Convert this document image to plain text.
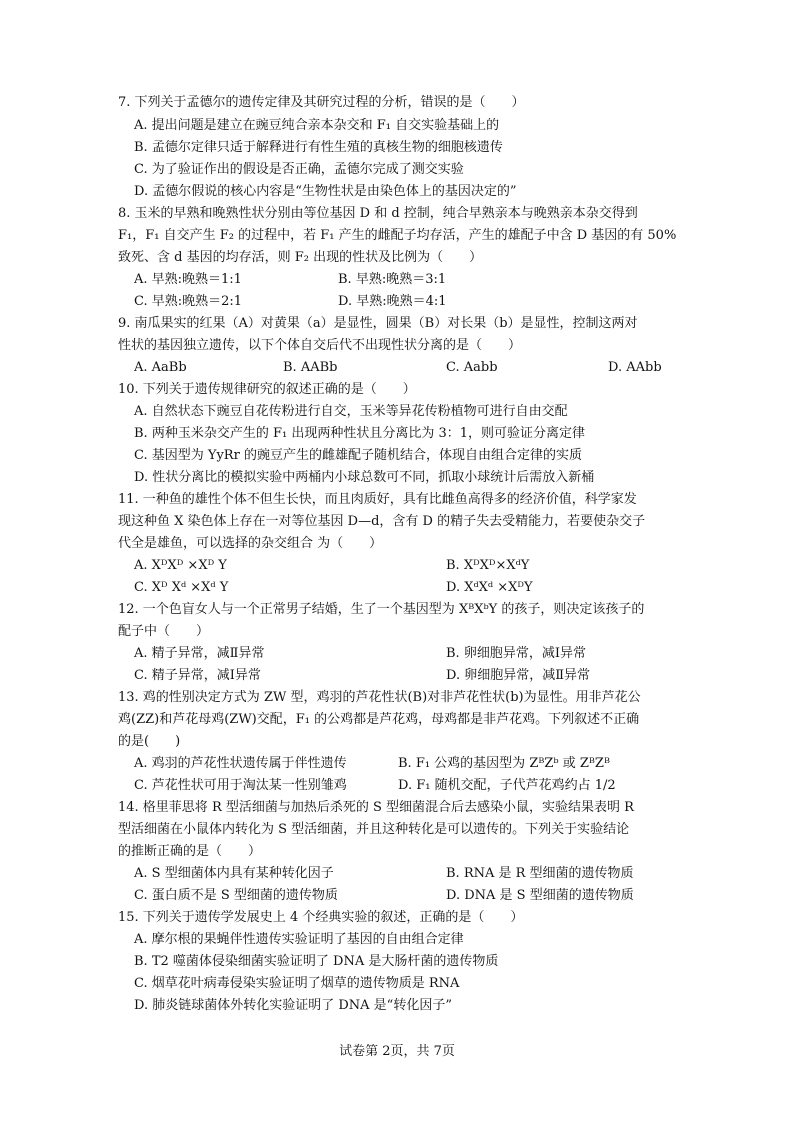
7. 下列关于孟德尔的遗传定律及其研究过程的分析，错误的是（　　）
A. 提出问题是建立在豌豆纯合亲本杂交和 F₁ 自交实验基础上的
B. 孟德尔定律只适于解释进行有性生殖的真核生物的细胞核遗传
C. 为了验证作出的假设是否正确，孟德尔完成了测交实验
D. 孟德尔假说的核心内容是“生物性状是由染色体上的基因决定的”
8. 玉米的早熟和晚熟性状分别由等位基因 D 和 d 控制，纯合早熟亲本与晚熟亲本杂交得到
F₁，F₁ 自交产生 F₂ 的过程中，若 F₁ 产生的雌配子均存活，产生的雄配子中含 D 基因的有 50%
致死、含 d 基因的均存活，则 F₂ 出现的性状及比例为（　　）
A. 早熟:晚熟＝1:1	B. 早熟:晚熟＝3:1
C. 早熟:晚熟＝2:1	D. 早熟:晚熟＝4:1
9. 南瓜果实的红果（A）对黄果（a）是显性，圆果（B）对长果（b）是显性，控制这两对
性状的基因独立遗传，以下个体自交后代不出现性状分离的是（　　）
A. AaBb	B. AABb	C. Aabb	D. AAbb
10. 下列关于遗传规律研究的叙述正确的是（　　）
A. 自然状态下豌豆自花传粉进行自交，玉米等异花传粉植物可进行自由交配
B. 两种玉米杂交产生的 F₁ 出现两种性状且分离比为 3：1，则可验证分离定律
C. 基因型为 YyRr 的豌豆产生的雌雄配子随机结合，体现自由组合定律的实质
D. 性状分离比的模拟实验中两桶内小球总数可不同，抓取小球统计后需放入新桶
11. 一种鱼的雄性个体不但生长快，而且肉质好，具有比雌鱼高得多的经济价值，科学家发
现这种鱼 X 染色体上存在一对等位基因 D—d，含有 D 的精子失去受精能力，若要使杂交子
代全是雄鱼，可以选择的杂交组合 为（　　）
A. XᴰXᴰ ×Xᴰ Y	B. XᴰXᴰ×XᵈY
C. Xᴰ Xᵈ ×Xᵈ Y	D. XᵈXᵈ ×XᴰY
12. 一个色盲女人与一个正常男子结婚，生了一个基因型为 XᴮXᵇY 的孩子，则决定该孩子的
配子中（　　）
A. 精子异常，减Ⅱ异常	B. 卵细胞异常，减Ⅰ异常
C. 精子异常，减Ⅰ异常	D. 卵细胞异常，减Ⅱ异常
13. 鸡的性别决定方式为 ZW 型，鸡羽的芦花性状(B)对非芦花性状(b)为显性。用非芦花公
鸡(ZZ)和芦花母鸡(ZW)交配，F₁ 的公鸡都是芦花鸡，母鸡都是非芦花鸡。下列叙述不正确
的是(　　)
A. 鸡羽的芦花性状遗传属于伴性遗传	B. F₁ 公鸡的基因型为 ZᴮZᵇ 或 ZᴮZᴮ
C. 芦花性状可用于淘汰某一性别雏鸡	D. F₁ 随机交配，子代芦花鸡约占 1/2
14. 格里菲思将 R 型活细菌与加热后杀死的 S 型细菌混合后去感染小鼠，实验结果表明 R
型活细菌在小鼠体内转化为 S 型活细菌，并且这种转化是可以遗传的。下列关于实验结论
的推断正确的是（　　）
A. S 型细菌体内具有某种转化因子	B. RNA 是 R 型细菌的遗传物质
C. 蛋白质不是 S 型细菌的遗传物质	D. DNA 是 S 型细菌的遗传物质
15. 下列关于遗传学发展史上 4 个经典实验的叙述，正确的是（　　）
A. 摩尔根的果蝇伴性遗传实验证明了基因的自由组合定律
B. T2 噬菌体侵染细菌实验证明了 DNA 是大肠杆菌的遗传物质
C. 烟草花叶病毒侵染实验证明了烟草的遗传物质是 RNA
D. 肺炎链球菌体外转化实验证明了 DNA 是“转化因子”
试卷第 2页，共 7页
